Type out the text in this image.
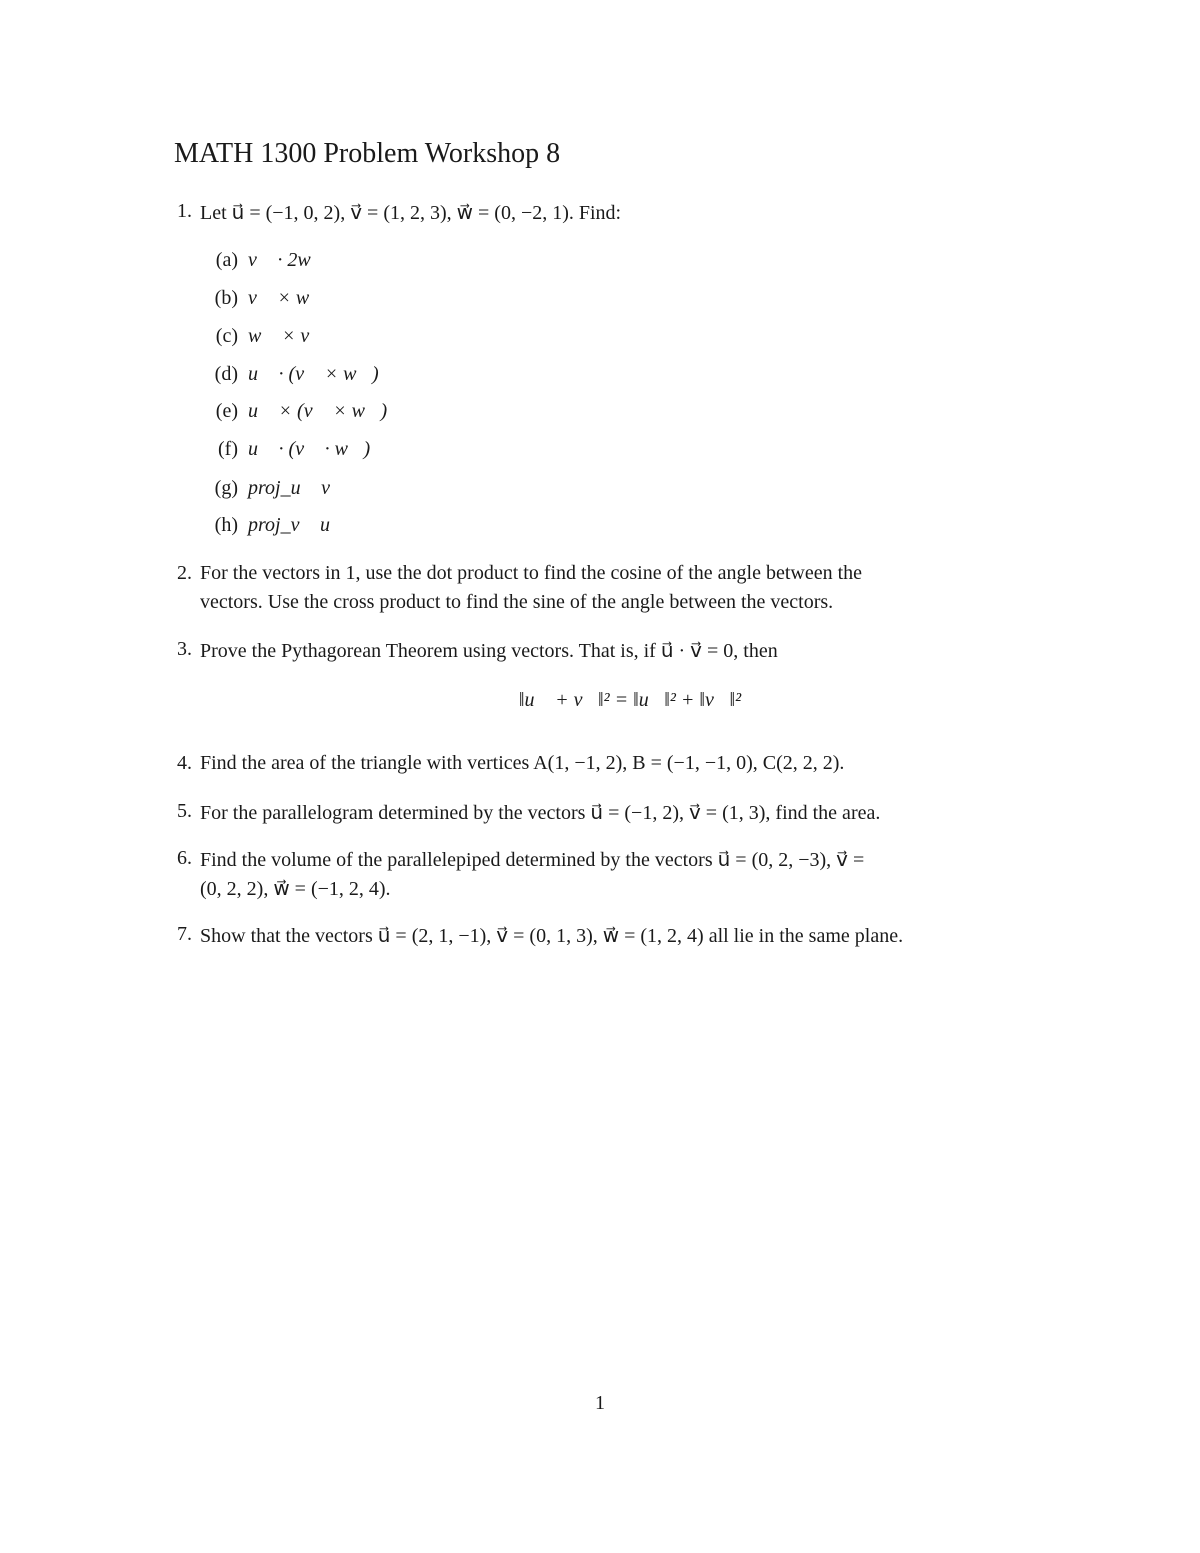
MATH 1300 Problem Workshop 8
1. Let u⃗ = (−1, 0, 2), v⃗ = (1, 2, 3), w⃗ = (0, −2, 1). Find:
(a) v⃗ · 2w⃗
(b) v⃗ × w⃗
(c) w⃗ × v⃗
(d) u⃗ · (v⃗ × w⃗)
(e) u⃗ × (v⃗ × w⃗)
(f) u⃗ · (v⃗ · w⃗)
(g) proj_u⃗ v⃗
(h) proj_v⃗ u⃗
2. For the vectors in 1, use the dot product to find the cosine of the angle between the
vectors. Use the cross product to find the sine of the angle between the vectors.
3. Prove the Pythagorean Theorem using vectors. That is, if u⃗ · v⃗ = 0, then
‖u⃗ + v⃗‖² = ‖u⃗‖² + ‖v⃗‖²
4. Find the area of the triangle with vertices A(1, −1, 2), B = (−1, −1, 0), C(2, 2, 2).
5. For the parallelogram determined by the vectors u⃗ = (−1, 2), v⃗ = (1, 3), find the area.
6. Find the volume of the parallelepiped determined by the vectors u⃗ = (0, 2, −3), v⃗ =
(0, 2, 2), w⃗ = (−1, 2, 4).
7. Show that the vectors u⃗ = (2, 1, −1), v⃗ = (0, 1, 3), w⃗ = (1, 2, 4) all lie in the same plane.
1
